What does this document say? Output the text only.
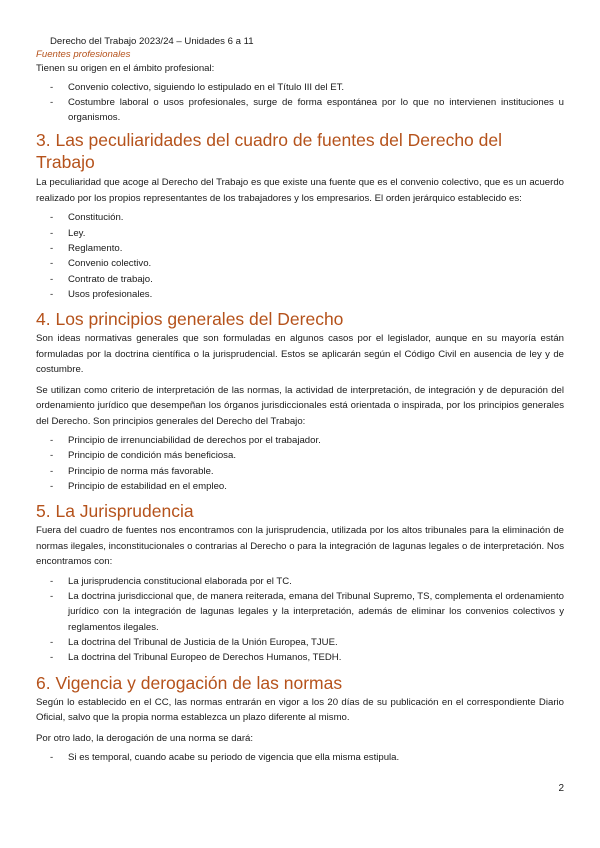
Derecho del Trabajo 2023/24 – Unidades 6 a 11
Fuentes profesionales

Tienen su origen en el ámbito profesional:

- Convenio colectivo, siguiendo lo estipulado en el Título III del ET.
- Costumbre laboral o usos profesionales, surge de forma espontánea por lo que no intervienen instituciones u organismos.
3. Las peculiaridades del cuadro de fuentes del Derecho del Trabajo

La peculiaridad que acoge al Derecho del Trabajo es que existe una fuente que es el convenio colectivo, que es un acuerdo realizado por los propios representantes de los trabajadores y los empresarios. El orden jerárquico establecido es:

- Constitución.
- Ley.
- Reglamento.
- Convenio colectivo.
- Contrato de trabajo.
- Usos profesionales.
4. Los principios generales del Derecho

Son ideas normativas generales que son formuladas en algunos casos por el legislador, aunque en su mayoría están formuladas por la doctrina científica o la jurisprudencial. Estos se aplicarán según el Código Civil en ausencia de ley y de costumbre.

Se utilizan como criterio de interpretación de las normas, la actividad de interpretación, de integración y de depuración del ordenamiento jurídico que desempeñan los órganos jurisdiccionales está orientada o inspirada, por los principios generales del Derecho. Son principios generales del Derecho del Trabajo:

- Principio de irrenunciabilidad de derechos por el trabajador.
- Principio de condición más beneficiosa.
- Principio de norma más favorable.
- Principio de estabilidad en el empleo.
5. La Jurisprudencia

Fuera del cuadro de fuentes nos encontramos con la jurisprudencia, utilizada por los altos tribunales para la eliminación de normas ilegales, inconstitucionales o contrarias al Derecho o para la integración de lagunas legales o de interpretación. Nos encontramos con:

- La jurisprudencia constitucional elaborada por el TC.
- La doctrina jurisdiccional que, de manera reiterada, emana del Tribunal Supremo, TS, complementa el ordenamiento jurídico con la integración de lagunas legales y la interpretación, además de eliminar los convenios colectivos y reglamentos ilegales.
- La doctrina del Tribunal de Justicia de la Unión Europea, TJUE.
- La doctrina del Tribunal Europeo de Derechos Humanos, TEDH.
6. Vigencia y derogación de las normas

Según lo establecido en el CC, las normas entrarán en vigor a los 20 días de su publicación en el correspondiente Diario Oficial, salvo que la propia norma establezca un plazo diferente al mismo.

Por otro lado, la derogación de una norma se dará:

- Si es temporal, cuando acabe su periodo de vigencia que ella misma estipula.
2
